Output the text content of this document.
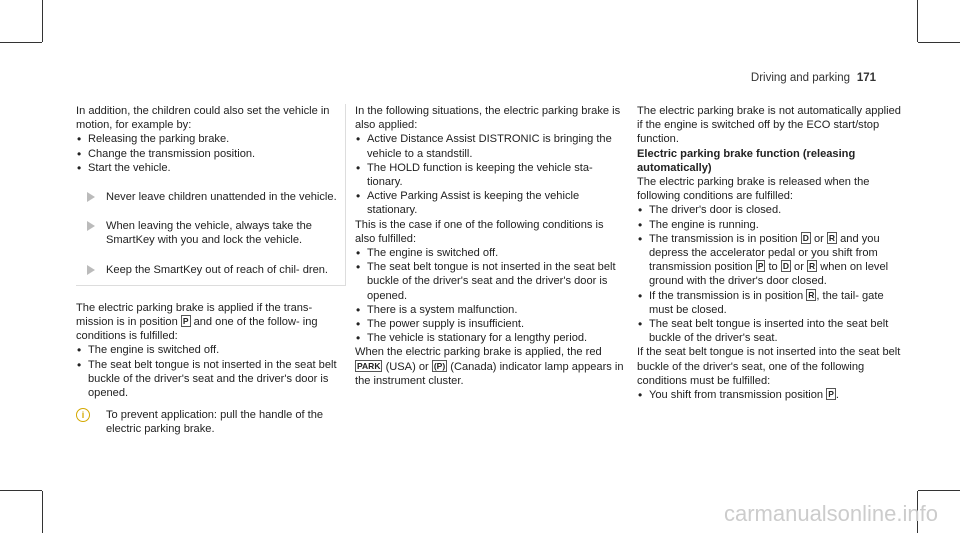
Driving and parking 171

In addition, the children could also set the vehicle in motion, for example by:

• Releasing the parking brake.
• Change the transmission position.
• Start the vehicle.
Never leave children unattended in the vehicle.
When leaving the vehicle, always take the SmartKey with you and lock the vehicle.
Keep the SmartKey out of reach of chil- dren.

The electric parking brake is applied if the trans- mission is in position P and one of the follow- ing conditions is fulfilled:

• The engine is switched off.
• The seat belt tongue is not inserted in the seat belt buckle of the driver's seat and the driver's door is opened.
i	To prevent application: pull the handle of the electric parking brake.

In the following situations, the electric parking brake is also applied:

• Active Distance Assist DISTRONIC is bringing the vehicle to a standstill.
• The HOLD function is keeping the vehicle sta- tionary.
• Active Parking Assist is keeping the vehicle stationary.

This is the case if one of the following conditions is also fulfilled:

• The engine is switched off.
• The seat belt tongue is not inserted in the seat belt buckle of the driver's seat and the driver's door is opened.
• There is a system malfunction.
• The power supply is insufficient.
• The vehicle is stationary for a lengthy period.

When the electric parking brake is applied, the red PARK (USA) or (P) (Canada) indicator lamp appears in the instrument cluster.

The electric parking brake is not automatically applied if the engine is switched off by the ECO start/stop function.

Electric parking brake function (releasing automatically)

The electric parking brake is released when the following conditions are fulfilled:

• The driver's door is closed.
• The engine is running.
• The transmission is in position D or R and you depress the accelerator pedal or you shift from transmission position P to D or R when on level ground with the driver's door closed.
• If the transmission is in position R , the tail- gate must be closed.
• The seat belt tongue is inserted into the seat belt buckle of the driver's seat.

If the seat belt tongue is not inserted into the seat belt buckle of the driver's seat, one of the following conditions must be fulfilled:

• You shift from transmission position P .
carmanualsonline.info
